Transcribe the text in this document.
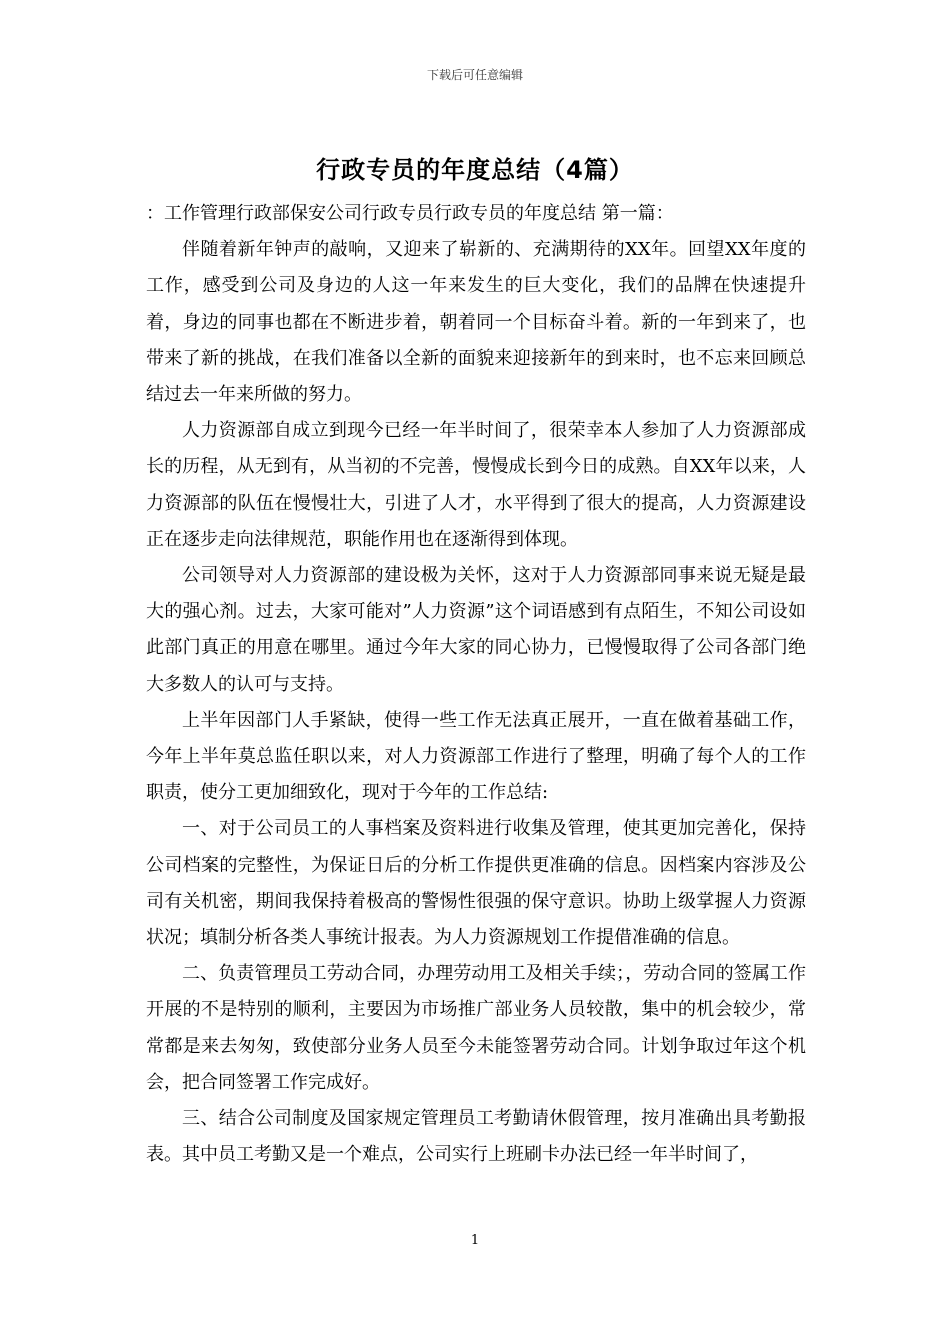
下载后可任意编辑
行政专员的年度总结（4篇）

：工作管理行政部保安公司行政专员行政专员的年度总结 第一篇：

伴随着新年钟声的敲响，又迎来了崭新的、充满期待的XX年。回望XX年度的工作，感受到公司及身边的人这一年来发生的巨大变化，我们的品牌在快速提升着，身边的同事也都在不断进步着，朝着同一个目标奋斗着。新的一年到来了，也带来了新的挑战，在我们准备以全新的面貌来迎接新年的到来时，也不忘来回顾总结过去一年来所做的努力。

人力资源部自成立到现今已经一年半时间了，很荣幸本人参加了人力资源部成长的历程，从无到有，从当初的不完善，慢慢成长到今日的成熟。自XX年以来，人力资源部的队伍在慢慢壮大，引进了人才，水平得到了很大的提高，人力资源建设正在逐步走向法律规范，职能作用也在逐渐得到体现。

公司领导对人力资源部的建设极为关怀，这对于人力资源部同事来说无疑是最大的强心剂。过去，大家可能对”人力资源”这个词语感到有点陌生，不知公司设如此部门真正的用意在哪里。通过今年大家的同心协力，已慢慢取得了公司各部门绝大多数人的认可与支持。

上半年因部门人手紧缺，使得一些工作无法真正展开，一直在做着基础工作，今年上半年莫总监任职以来，对人力资源部工作进行了整理，明确了每个人的工作职责，使分工更加细致化，现对于今年的工作总结:

一、对于公司员工的人事档案及资料进行收集及管理，使其更加完善化，保持公司档案的完整性，为保证日后的分析工作提供更准确的信息。因档案内容涉及公司有关机密，期间我保持着极高的警惕性很强的保守意识。协助上级掌握人力资源状况；填制分析各类人事统计报表。为人力资源规划工作提借准确的信息。

二、负责管理员工劳动合同，办理劳动用工及相关手续；，劳动合同的签属工作开展的不是特别的顺利，主要因为市场推广部业务人员较散，集中的机会较少，常常都是来去匆匆，致使部分业务人员至今未能签署劳动合同。计划争取过年这个机会，把合同签署工作完成好。

三、结合公司制度及国家规定管理员工考勤请休假管理，按月准确出具考勤报表。其中员工考勤又是一个难点，公司实行上班刷卡办法已经一年半时间了，

1
